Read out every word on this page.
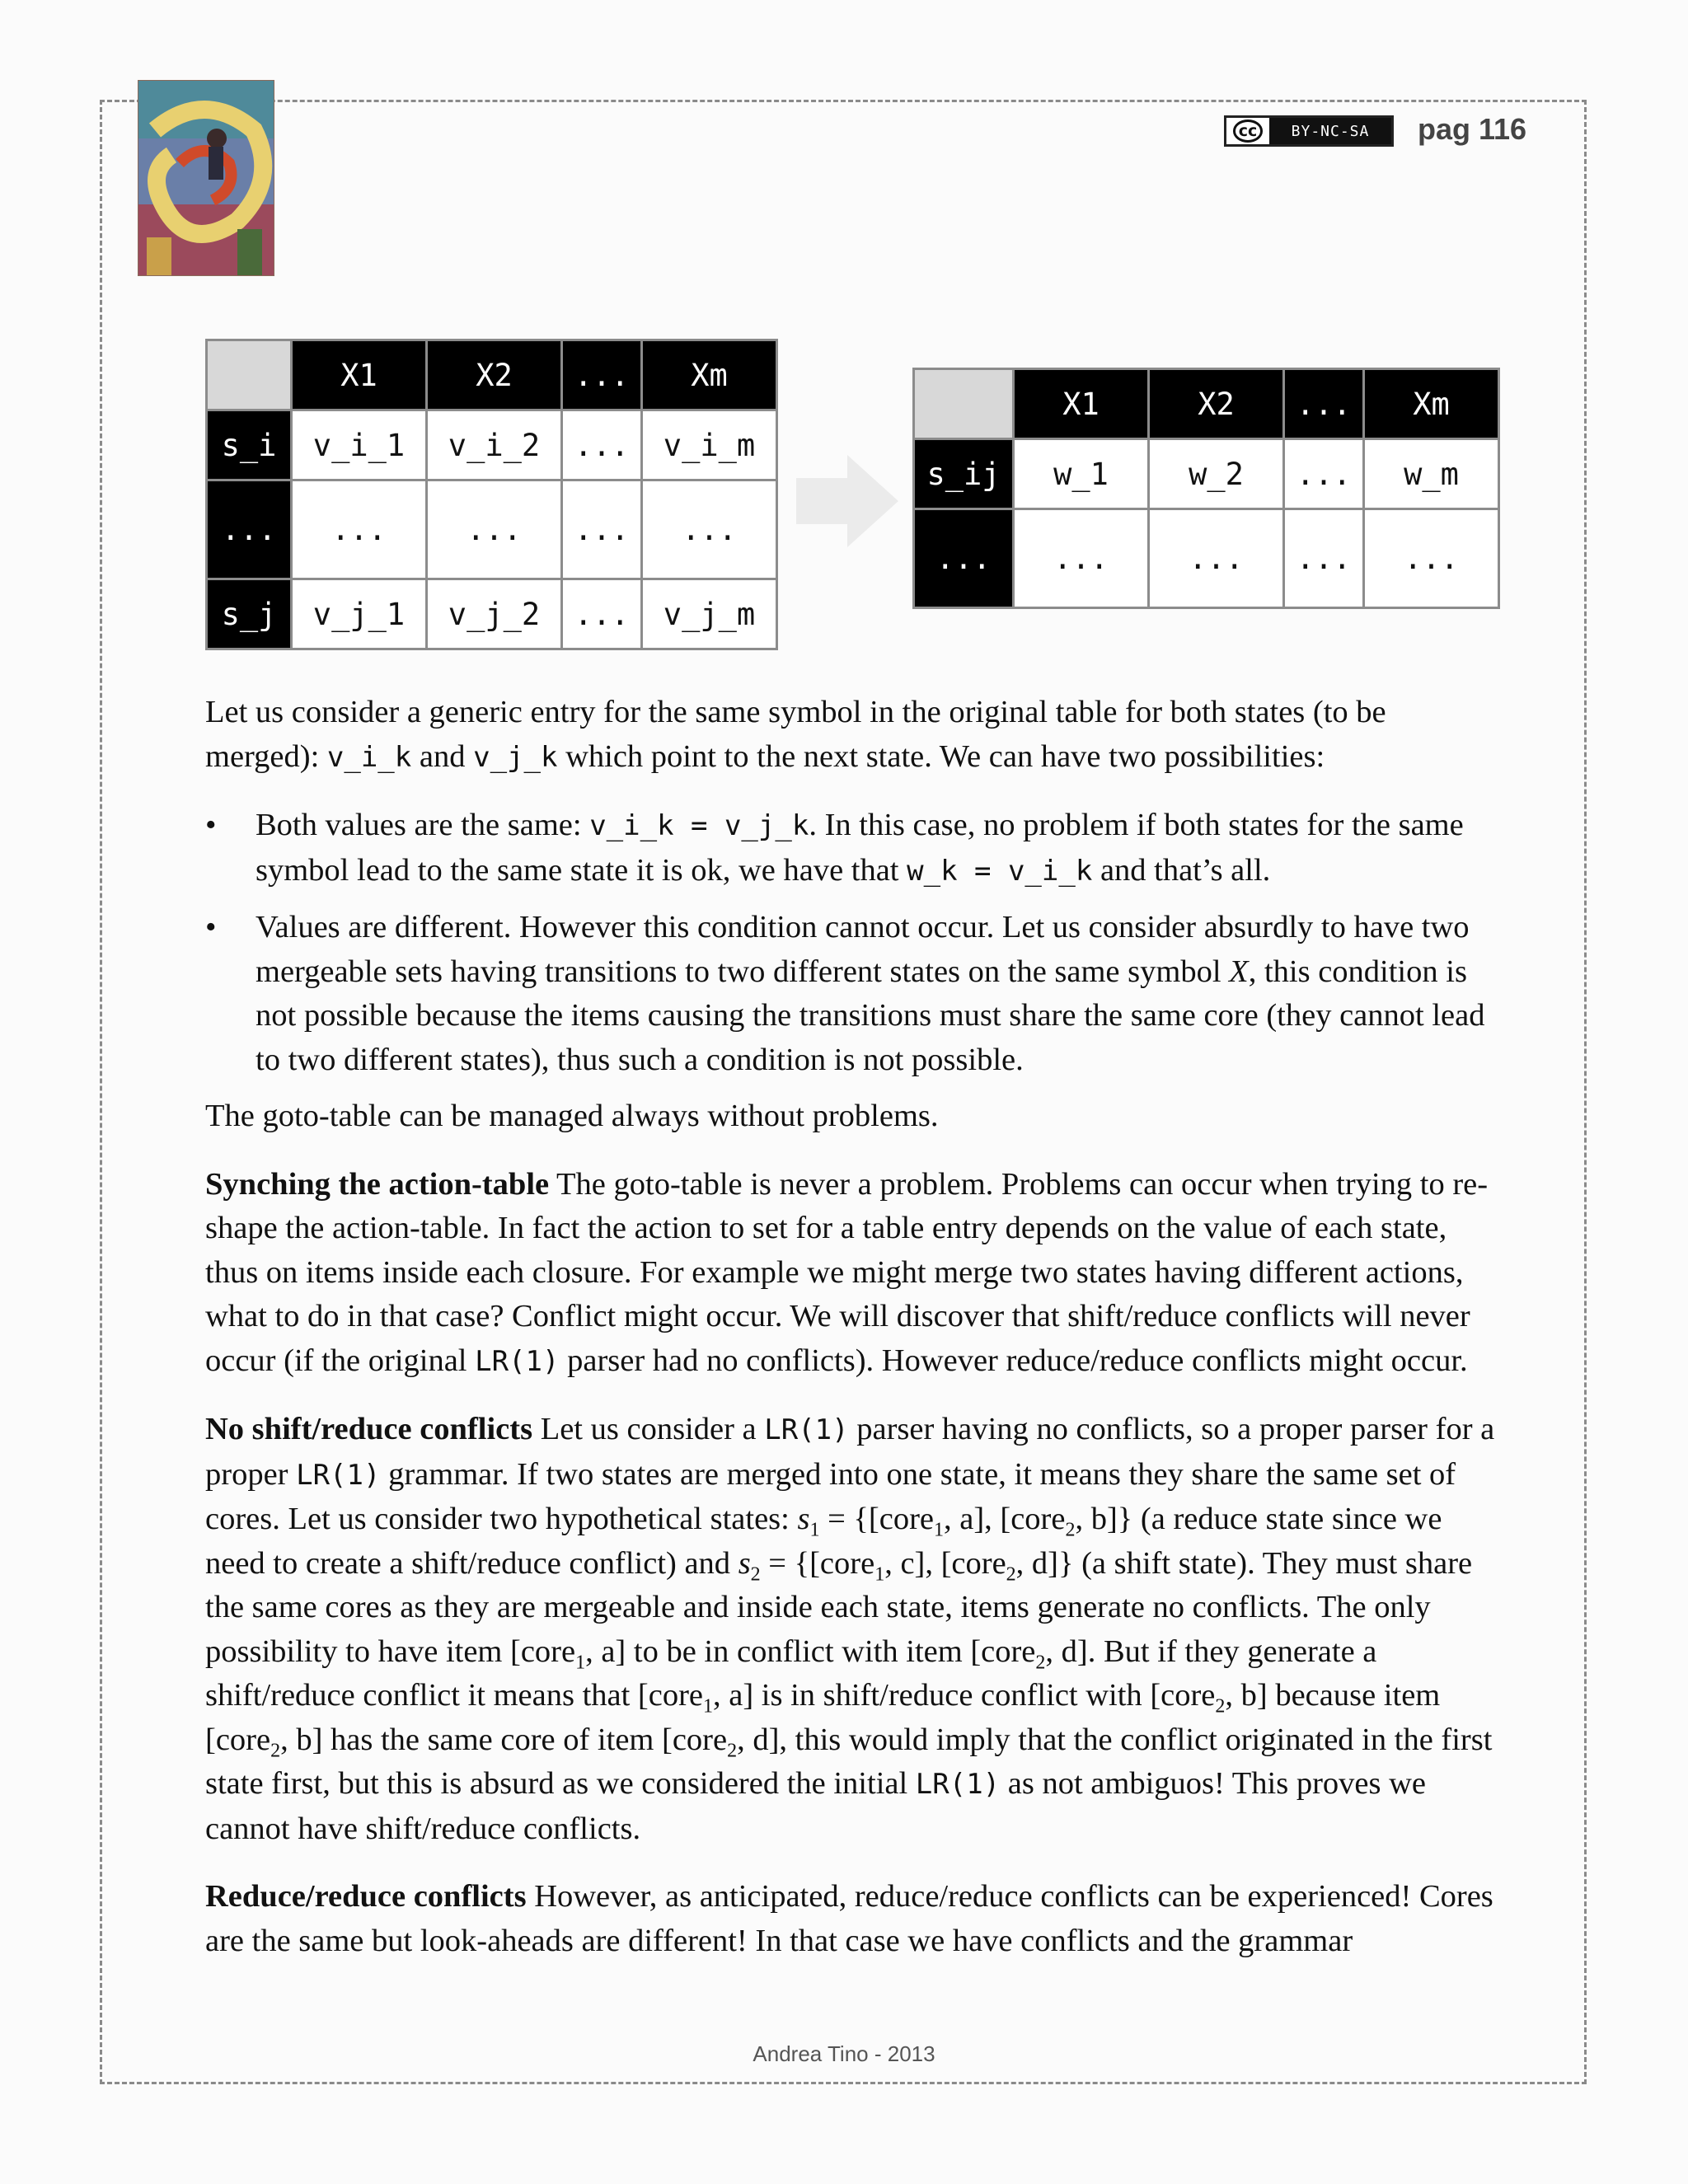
cc	BY-NC-SA	pag 116
	X1	X2	...	Xm
s_i	v_i_1	v_i_2	...	v_i_m
...	...	...	...	...
s_j	v_j_1	v_j_2	...	v_j_m
	X1	X2	...	Xm
s_ij	w_1	w_2	...	w_m
...	...	...	...	...

Let us consider a generic entry for the same symbol in the original table for both states (to be merged): v_i_k and v_j_k which point to the next state. We can have two possibilities:

• Both values are the same: v_i_k = v_j_k. In this case, no problem if both states for the same symbol lead to the same state it is ok, we have that w_k = v_i_k and that’s all.
• Values are different. However this condition cannot occur. Let us consider absurdly to have two mergeable sets having transitions to two different states on the same symbol X, this condition is not possible because the items causing the transitions must share the same core (they cannot lead to two different states), thus such a condition is not possible.

The goto-table can be managed always without problems.

Synching the action-table The goto-table is never a problem. Problems can occur when trying to re-shape the action-table. In fact the action to set for a table entry depends on the value of each state, thus on items inside each closure. For example we might merge two states having different actions, what to do in that case? Conflict might occur. We will discover that shift/reduce conflicts will never occur (if the original LR(1) parser had no conflicts). However reduce/reduce conflicts might occur.

No shift/reduce conflicts Let us consider a LR(1) parser having no conflicts, so a proper parser for a proper LR(1) grammar. If two states are merged into one state, it means they share the same set of cores. Let us consider two hypothetical states: $s_1$ = {[core$_1$, a], [core$_2$, b]} (a reduce state since we need to create a shift/reduce conflict) and $s_2$ = {[core$_1$, c], [core$_2$, d]} (a shift state). They must share the same cores as they are mergeable and inside each state, items generate no conflicts. The only possibility to have item [core$_1$, a] to be in conflict with item [core$_2$, d]. But if they generate a shift/reduce conflict it means that [core$_1$, a] is in shift/reduce conflict with [core$_2$, b] because item [core$_2$, b] has the same core of item [core$_2$, d], this would imply that the conflict originated in the first state first, but this is absurd as we considered the initial LR(1) as not ambiguos! This proves we cannot have shift/reduce conflicts.

Reduce/reduce conflicts However, as anticipated, reduce/reduce conflicts can be experienced! Cores are the same but look-aheads are different! In that case we have conflicts and the grammar

Andrea Tino - 2013
